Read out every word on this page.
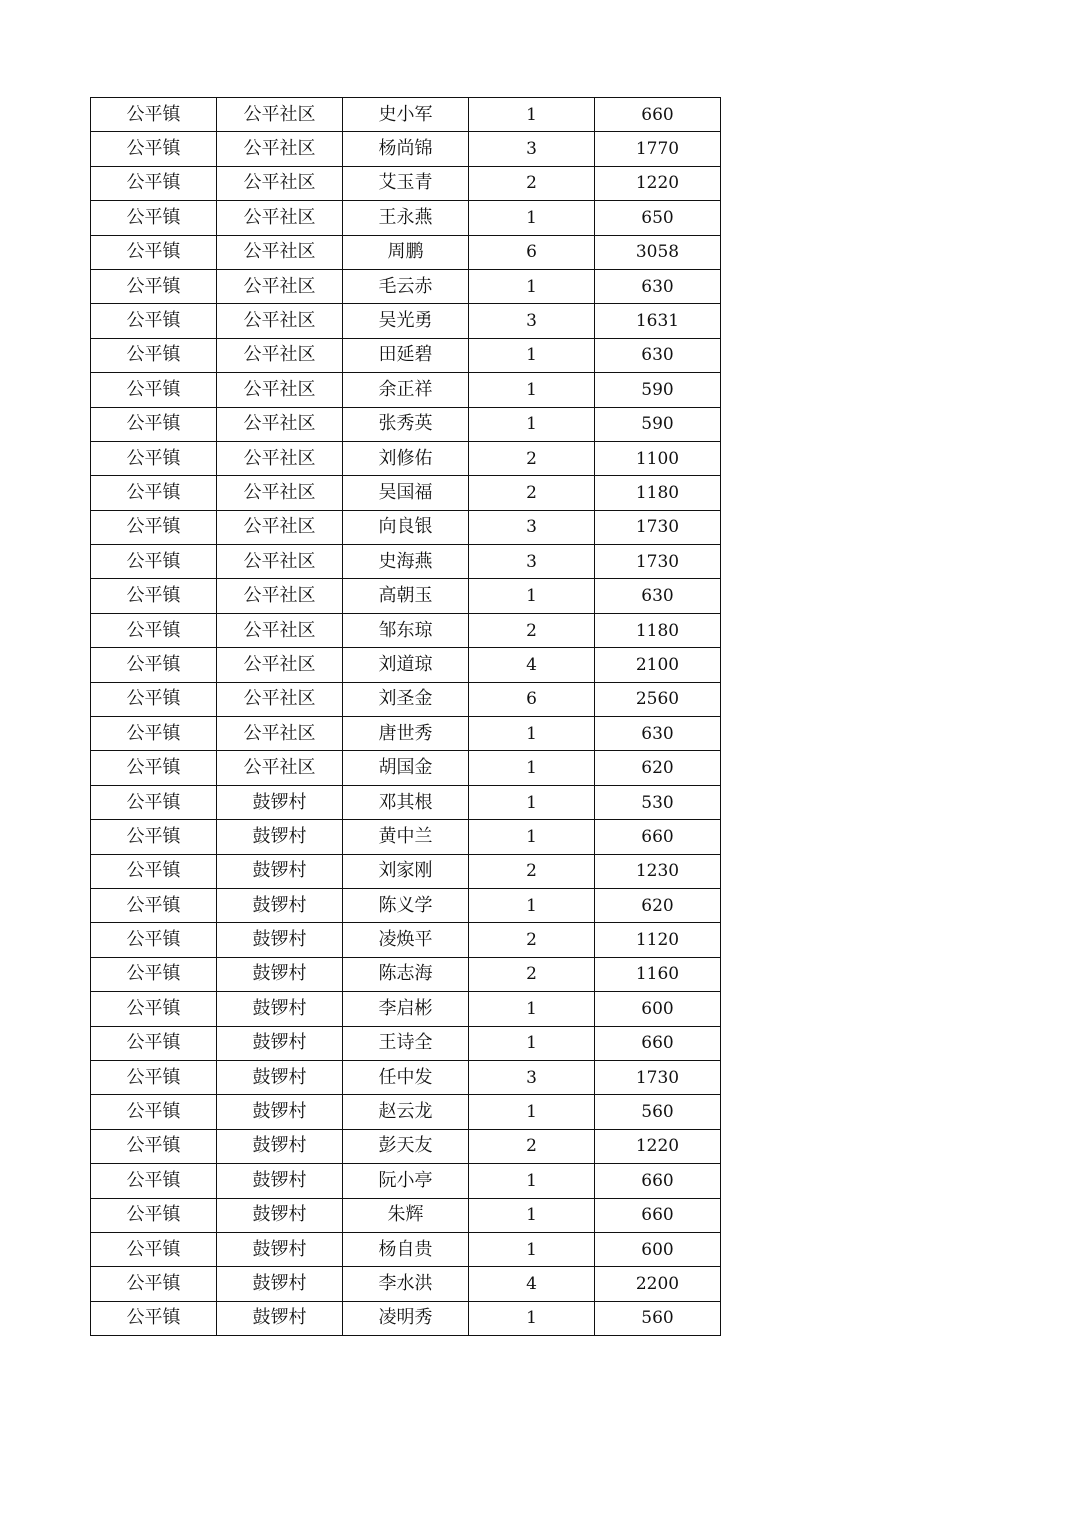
公平镇	公平社区	史小军	1	660
公平镇	公平社区	杨尚锦	3	1770
公平镇	公平社区	艾玉青	2	1220
公平镇	公平社区	王永燕	1	650
公平镇	公平社区	周鹏	6	3058
公平镇	公平社区	毛云赤	1	630
公平镇	公平社区	吴光勇	3	1631
公平镇	公平社区	田延碧	1	630
公平镇	公平社区	余正祥	1	590
公平镇	公平社区	张秀英	1	590
公平镇	公平社区	刘修佑	2	1100
公平镇	公平社区	吴国福	2	1180
公平镇	公平社区	向良银	3	1730
公平镇	公平社区	史海燕	3	1730
公平镇	公平社区	高朝玉	1	630
公平镇	公平社区	邹东琼	2	1180
公平镇	公平社区	刘道琼	4	2100
公平镇	公平社区	刘圣金	6	2560
公平镇	公平社区	唐世秀	1	630
公平镇	公平社区	胡国金	1	620
公平镇	鼓锣村	邓其根	1	530
公平镇	鼓锣村	黄中兰	1	660
公平镇	鼓锣村	刘家刚	2	1230
公平镇	鼓锣村	陈义学	1	620
公平镇	鼓锣村	凌焕平	2	1120
公平镇	鼓锣村	陈志海	2	1160
公平镇	鼓锣村	李启彬	1	600
公平镇	鼓锣村	王诗全	1	660
公平镇	鼓锣村	任中发	3	1730
公平镇	鼓锣村	赵云龙	1	560
公平镇	鼓锣村	彭天友	2	1220
公平镇	鼓锣村	阮小亭	1	660
公平镇	鼓锣村	朱辉	1	660
公平镇	鼓锣村	杨自贵	1	600
公平镇	鼓锣村	李水洪	4	2200
公平镇	鼓锣村	凌明秀	1	560
